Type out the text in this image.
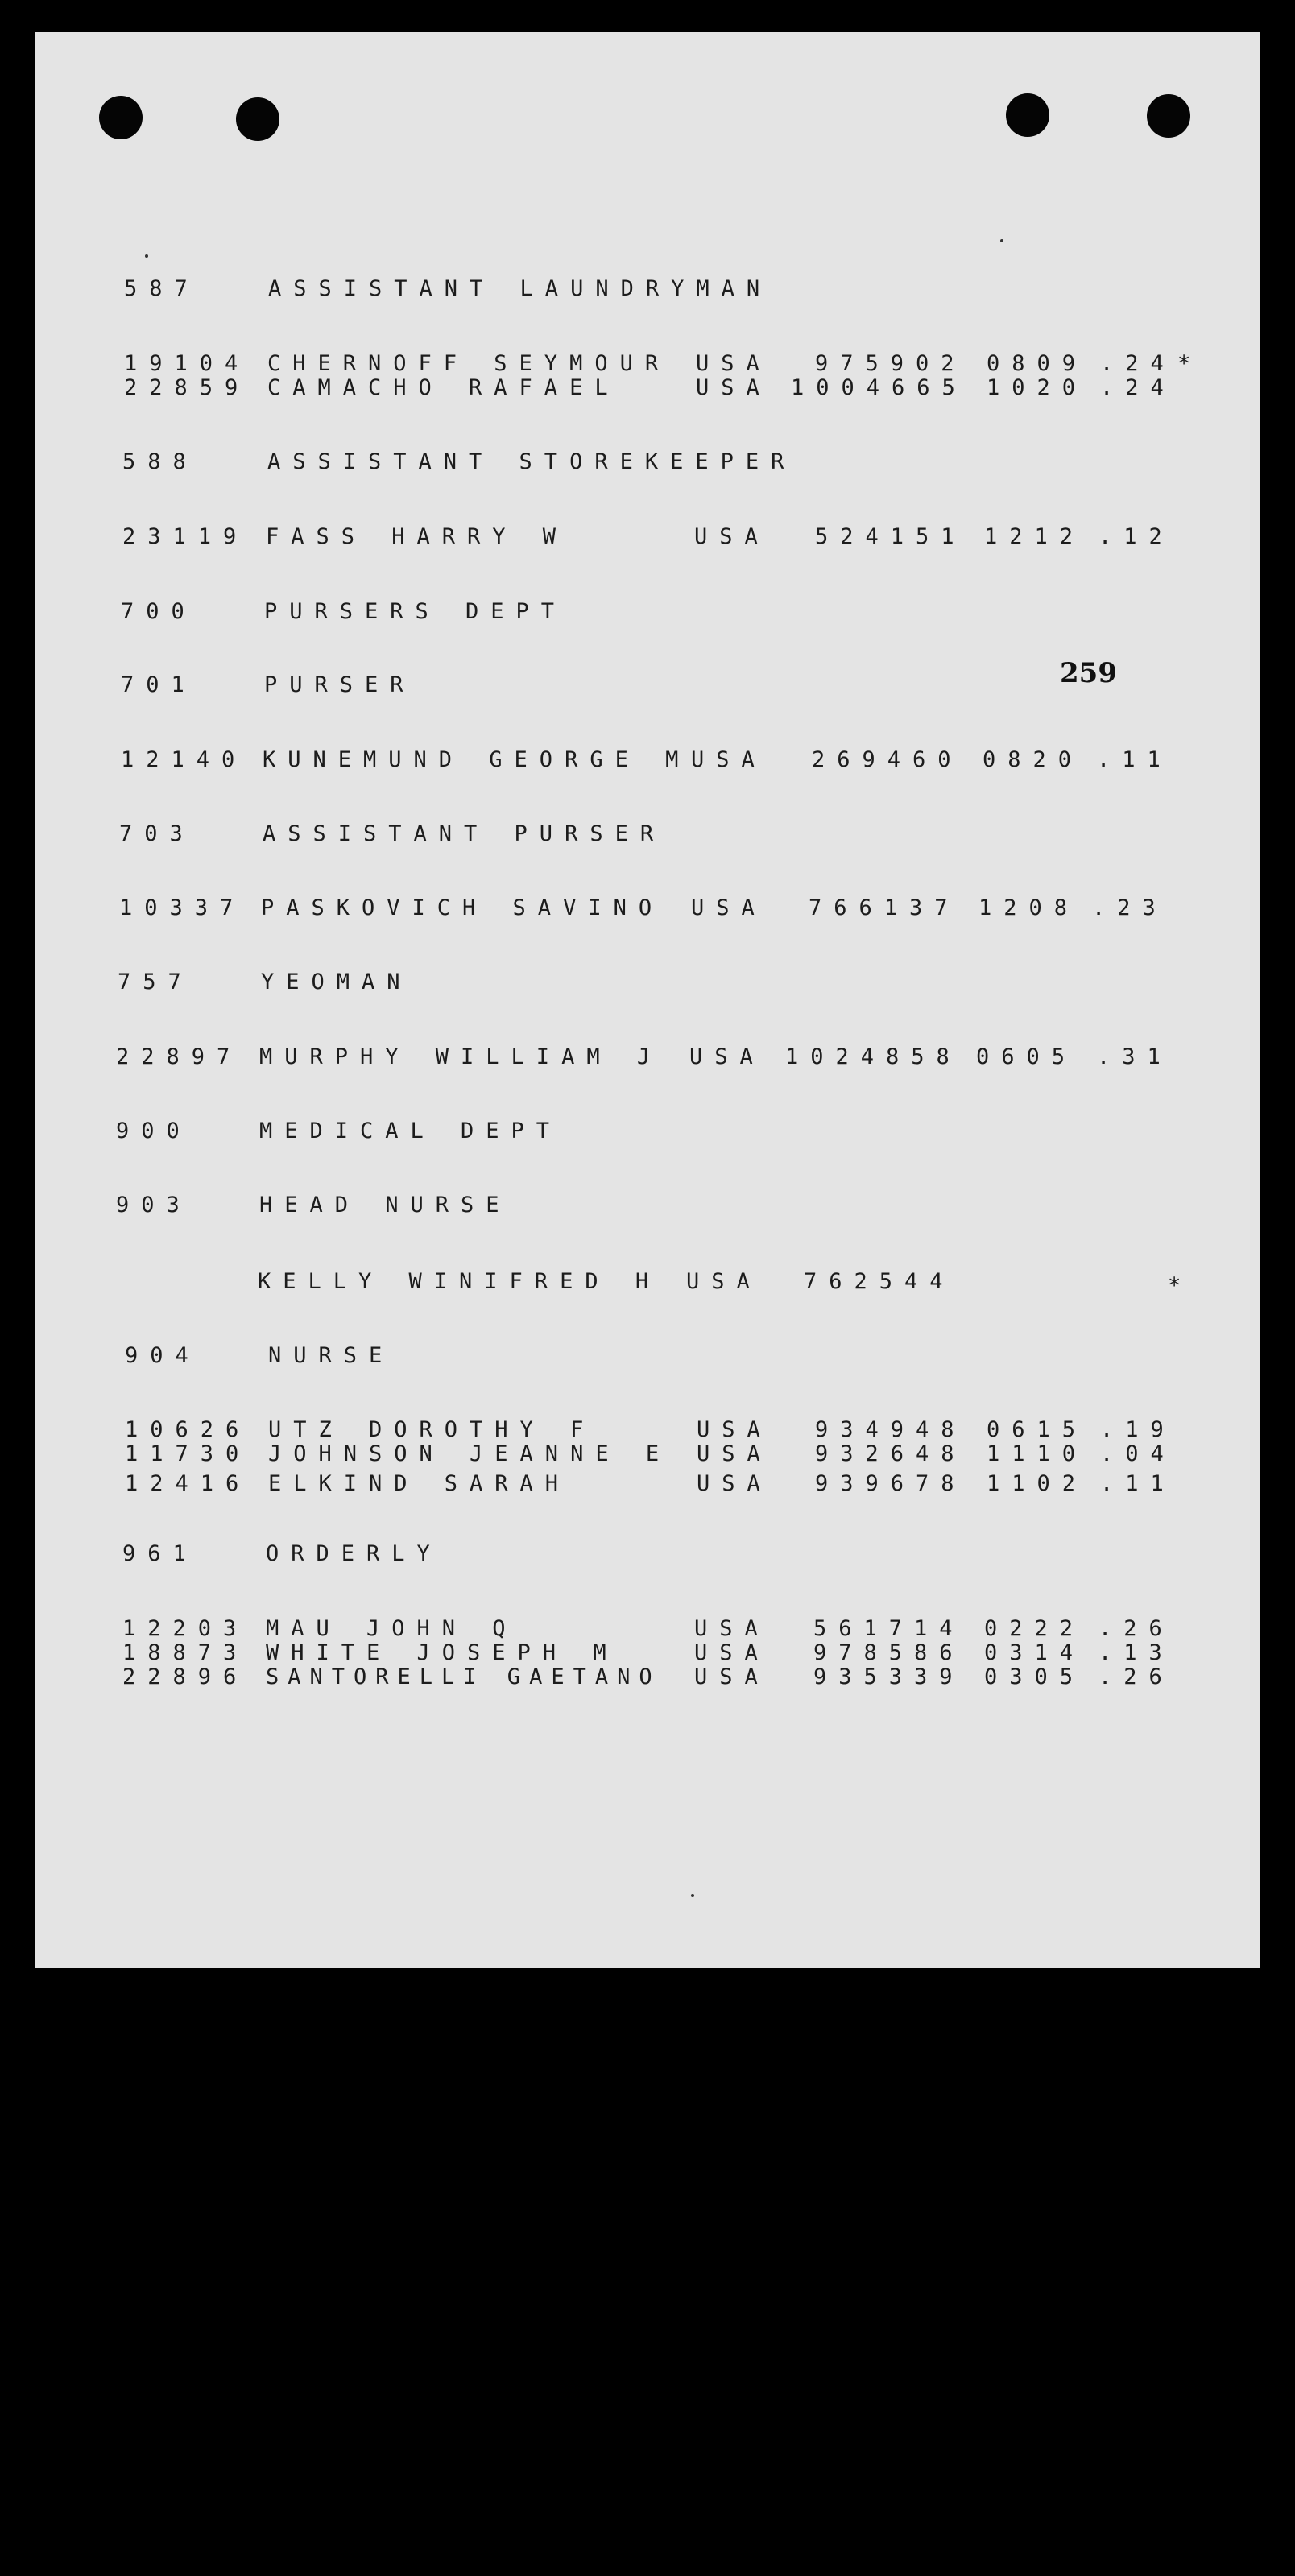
587	ASSISTANT LAUNDRYMAN
19104 CHERNOFF SEYMOUR USA 975902 0809 .24 *
22859 CAMACHO RAFAEL	USA 1004665 1020 .24
588	ASSISTANT STOREKEEPER
23119 FASS HARRY W	USA 524151 1212 .12
700	PURSERS DEPT
701	PURSER	259
12140 KUNEMUND GEORGE M USA 269460 0820 .11
703	ASSISTANT PURSER
10337 PASKOVICH SAVINO USA 766137 1208 .23
757	YEOMAN
22897 MURPHY WILLIAM J USA 1024858 0605 .31
900	MEDICAL DEPT
903	HEAD NURSE
KELLY WINIFRED H USA 762544	*
904	NURSE
10626 UTZ DOROTHY F	USA 934948 0615 .19
11730 JOHNSON JEANNE E USA 932648 1110 .04
12416 ELKIND SARAH	USA 939678 1102 .11
961	ORDERLY
12203 MAU JOHN Q	USA 561714 0222 .26
18873 WHITE JOSEPH M	USA 978586 0314 .13
22896 SANTORELLI GAETANO USA 935339 0305 .26
